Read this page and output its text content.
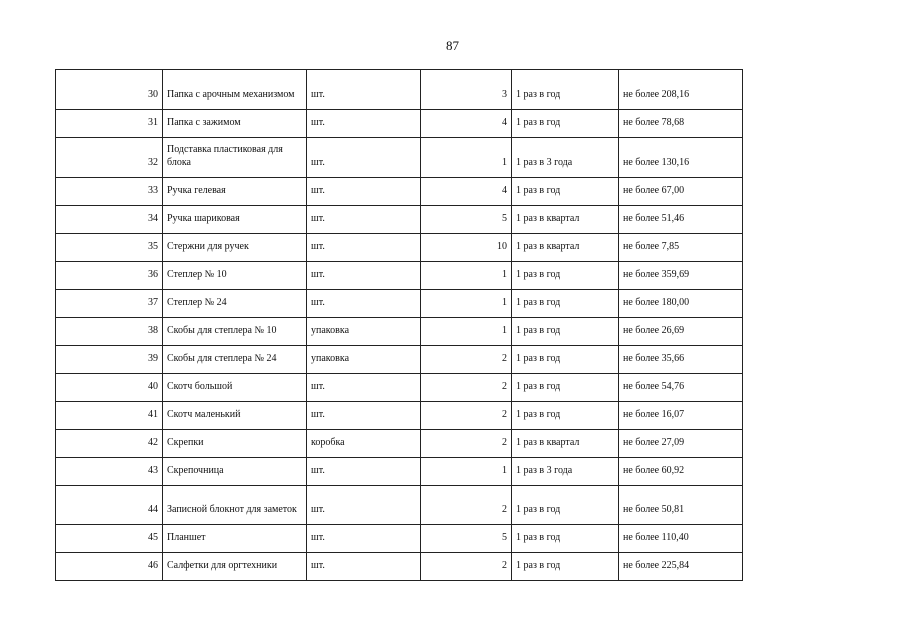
87
30	Папка с арочным механизмом	шт.	3	1 раз в год	не более 208,16
31	Папка с зажимом	шт.	4	1 раз в год	не более 78,68
32	Подставка пластиковая для блока	шт.	1	1 раз в 3 года	не более 130,16
33	Ручка гелевая	шт.	4	1 раз в год	не более 67,00
34	Ручка шариковая	шт.	5	1 раз в квартал	не более 51,46
35	Стержни для ручек	шт.	10	1 раз в квартал	не более 7,85
36	Степлер № 10	шт.	1	1 раз в год	не более 359,69
37	Степлер № 24	шт.	1	1 раз в год	не более 180,00
38	Скобы для степлера № 10	упаковка	1	1 раз в год	не более 26,69
39	Скобы для степлера № 24	упаковка	2	1 раз в год	не более 35,66
40	Скотч большой	шт.	2	1 раз в год	не более 54,76
41	Скотч маленький	шт.	2	1 раз в год	не более 16,07
42	Скрепки	коробка	2	1 раз в квартал	не более 27,09
43	Скрепочница	шт.	1	1 раз в 3 года	не более 60,92
44	Записной блокнот для заметок	шт.	2	1 раз в год	не более 50,81
45	Планшет	шт.	5	1 раз в год	не более 110,40
46	Салфетки для оргтехники	шт.	2	1 раз в год	не более 225,84
